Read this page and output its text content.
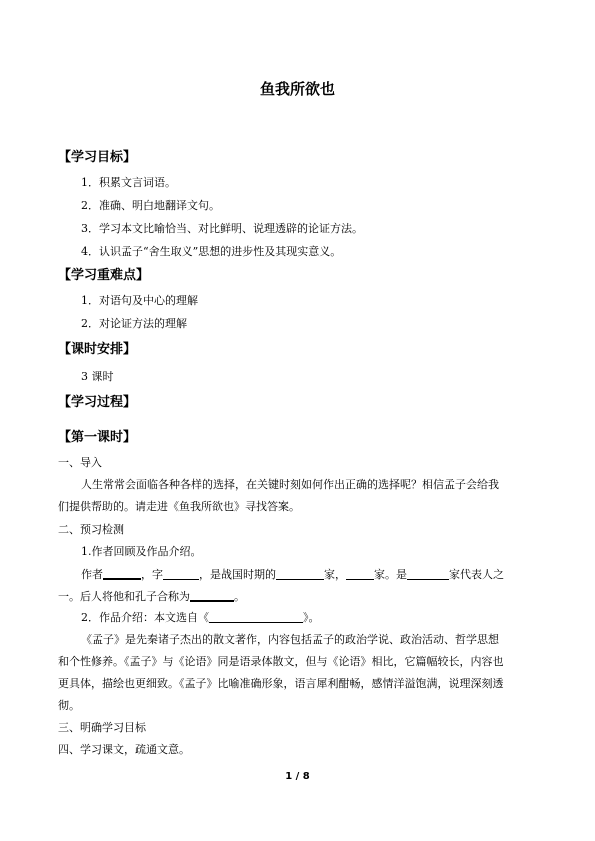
鱼我所欲也
【学习目标】
1．积累文言词语。
2．准确、明白地翻译文句。
3．学习本文比喻恰当、对比鲜明、说理透辟的论证方法。
4．认识孟子“舍生取义”思想的进步性及其现实意义。
【学习重难点】
1．对语句及中心的理解
2．对论证方法的理解
【课时安排】
3 课时
【学习过程】
【第一课时】
一、导入
人生常常会面临各种各样的选择，在关键时刻如何作出正确的选择呢？相信孟子会给我
们提供帮助的。请走进《鱼我所欲也》寻找答案。
二、预习检测
1.作者回顾及作品介绍。
作者	，字	，是战国时期的	家，	家。是	家代表人之
一。后人将他和孔子合称为	。
2．作品介绍：本文选自《	》。
《孟子》是先秦诸子杰出的散文著作，内容包括孟子的政治学说、政治活动、哲学思想
和个性修养。《孟子》与《论语》同是语录体散文，但与《论语》相比，它篇幅较长，内容也
更具体，描绘也更细致。《孟子》比喻准确形象，语言犀利酣畅，感情洋溢饱满，说理深刻透
彻。
三、明确学习目标
四、学习课文，疏通文意。
1 / 8
